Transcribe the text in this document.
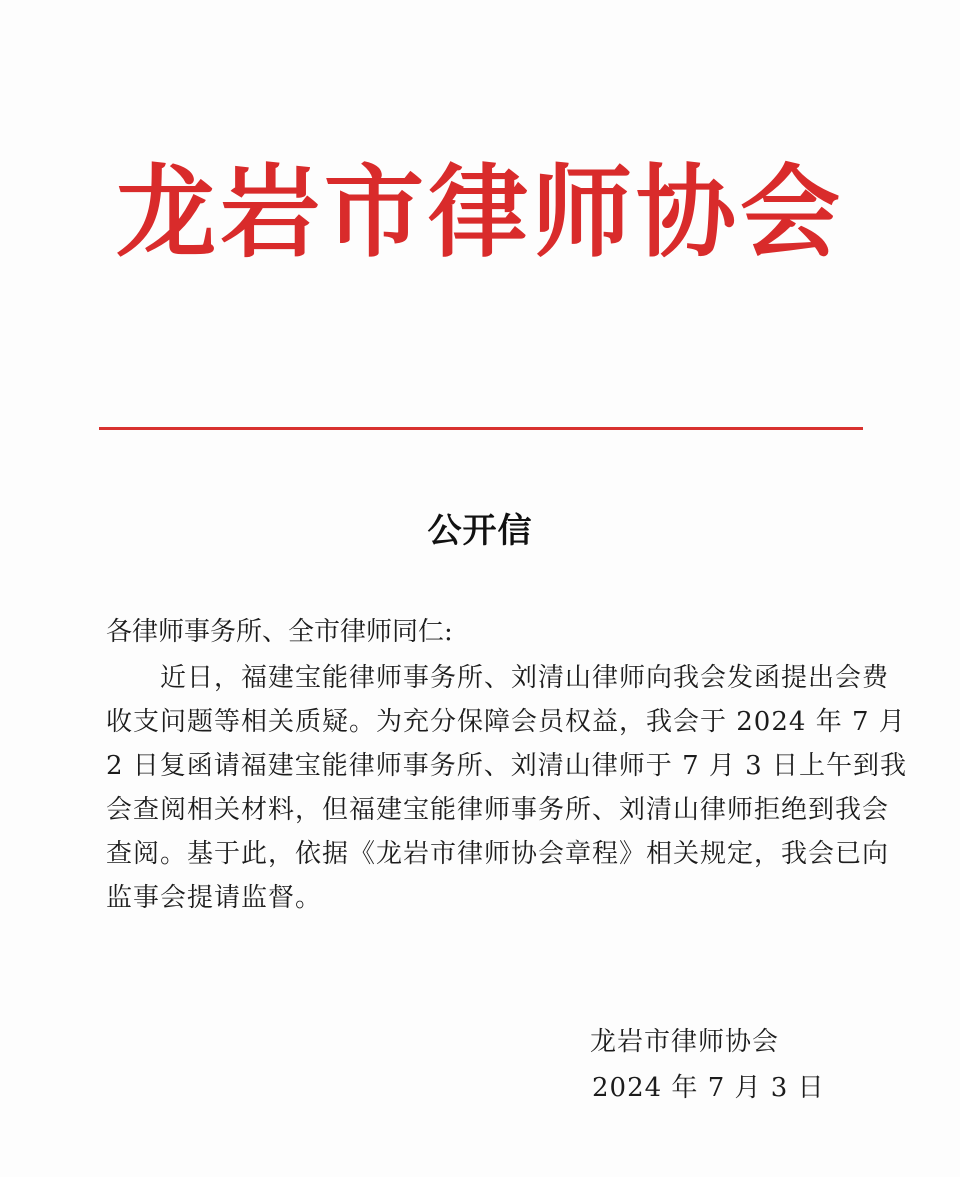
龙岩市律师协会
公开信
各律师事务所、全市律师同仁:
　　近日，福建宝能律师事务所、刘清山律师向我会发函提出会费
收支问题等相关质疑。为充分保障会员权益，我会于 2024 年 7 月
2 日复函请福建宝能律师事务所、刘清山律师于 7 月 3 日上午到我
会查阅相关材料，但福建宝能律师事务所、刘清山律师拒绝到我会
查阅。基于此，依据《龙岩市律师协会章程》相关规定，我会已向
监事会提请监督。
龙岩市律师协会
2024 年 7 月 3 日
